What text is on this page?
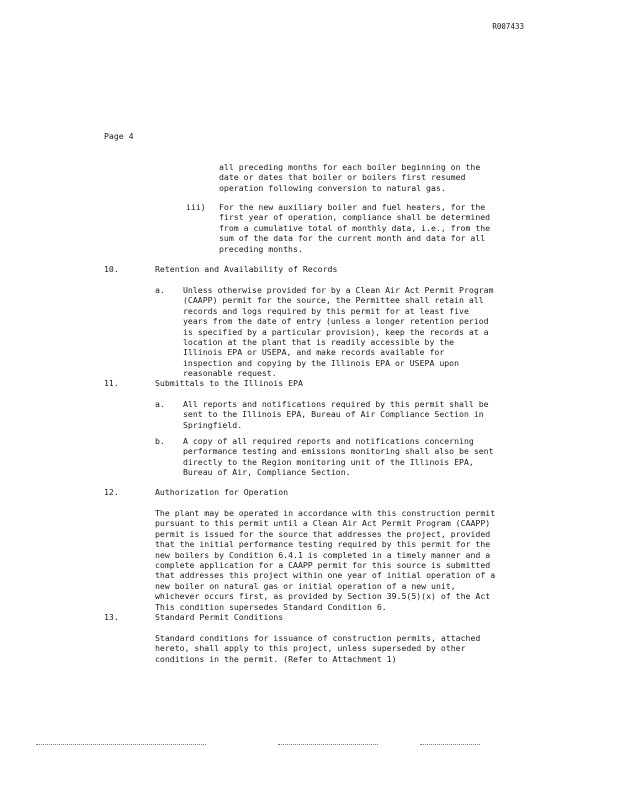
R007433
Page 4
all preceding months for each boiler beginning on the
date or dates that boiler or boilers first resumed
operation following conversion to natural gas.
iii) For the new auxiliary boiler and fuel heaters, for the
first year of operation, compliance shall be determined
from a cumulative total of monthly data, i.e., from the
sum of the data for the current month and data for all
preceding months.
10.	Retention and Availability of Records
a. Unless otherwise provided for by a Clean Air Act Permit Program
(CAAPP) permit for the source, the Permittee shall retain all
records and logs required by this permit for at least five
years from the date of entry (unless a longer retention period
is specified by a particular provision), keep the records at a
location at the plant that is readily accessible by the
Illinois EPA or USEPA, and make records available for
inspection and copying by the Illinois EPA or USEPA upon
reasonable request.
11.	Submittals to the Illinois EPA
a. All reports and notifications required by this permit shall be
sent to the Illinois EPA, Bureau of Air Compliance Section in
Springfield.
b. A copy of all required reports and notifications concerning
performance testing and emissions monitoring shall also be sent
directly to the Region monitoring unit of the Illinois EPA,
Bureau of Air, Compliance Section.
12.	Authorization for Operation
The plant may be operated in accordance with this construction permit
pursuant to this permit until a Clean Air Act Permit Program (CAAPP)
permit is issued for the source that addresses the project, provided
that the initial performance testing required by this permit for the
new boilers by Condition 6.4.1 is completed in a timely manner and a
complete application for a CAAPP permit for this source is submitted
that addresses this project within one year of initial operation of a
new boiler on natural gas or initial operation of a new unit,
whichever occurs first, as provided by Section 39.5(5)(x) of the Act
This condition supersedes Standard Condition 6.
13.	Standard Permit Conditions
Standard conditions for issuance of construction permits, attached
hereto, shall apply to this project, unless superseded by other
conditions in the permit. (Refer to Attachment 1)
